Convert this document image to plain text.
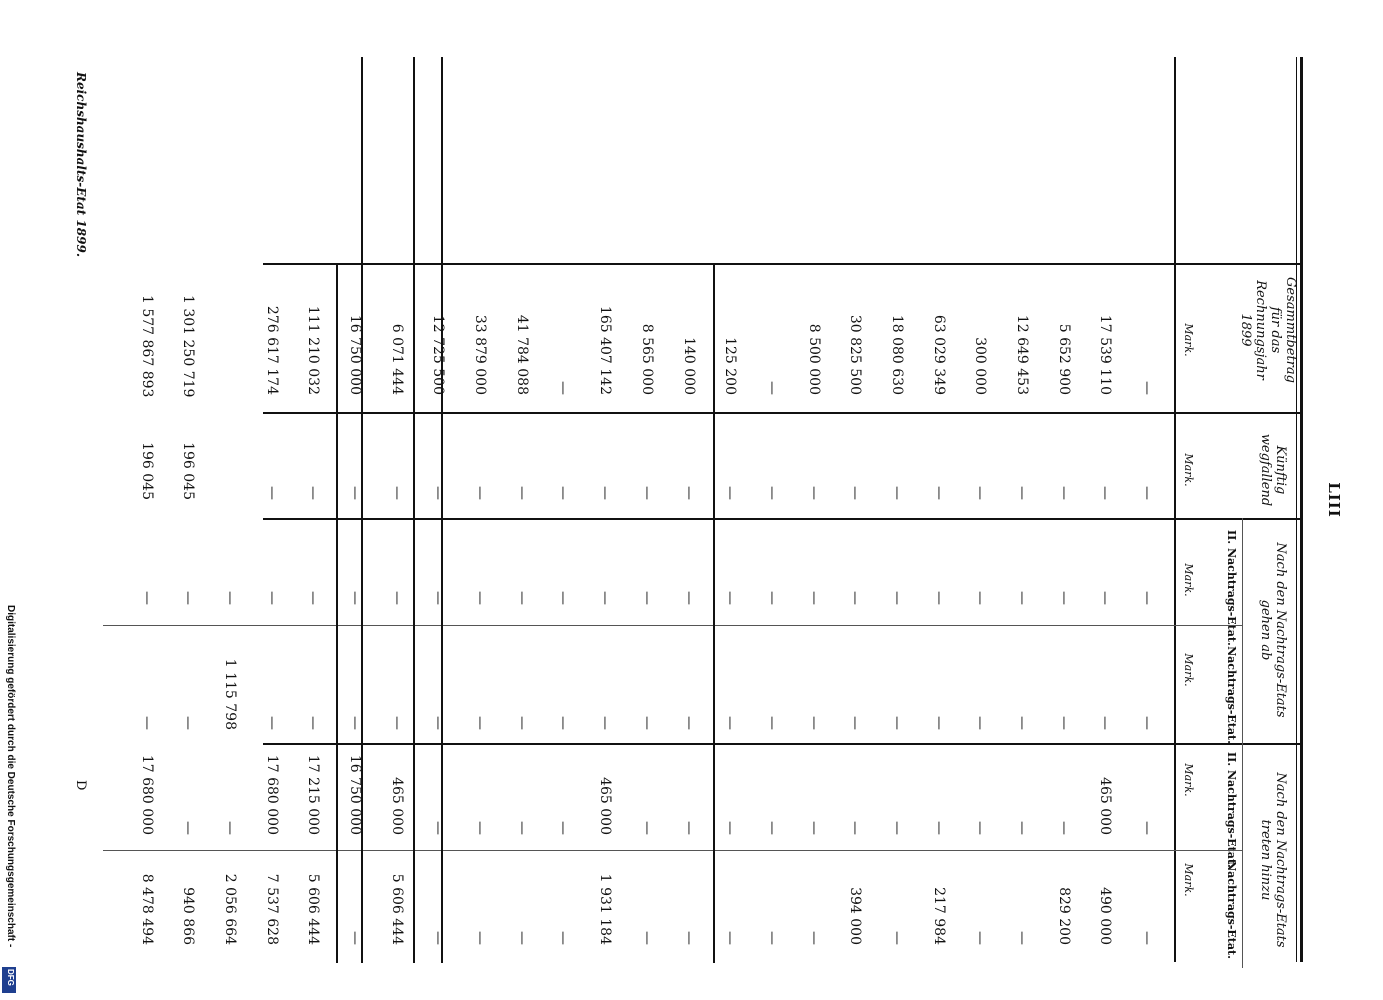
LIII
Nach den Nachtrags-Etats
treten hinzu
Nach den Nachtrags-Etats
gehen ab
Künftig
wegfallend
Gesammtbetrag
für das
Rechnungsjahr
1899
Nachtrags-Etat.
II. Nachtrags-Etat.
Nachtrags-Etat.
II. Nachtrags-Etat.
Mark.
Mark.
Mark.
Mark.
Mark.
Mark.
—
—
—
—
—
—
490 000
465 000
—
—
—
17 539 110
829 200
—
—
—
—
5 652 900
—
—
—
—
—
12 649 453
—
—
—
—
—
300 000
217 984
—
—
—
—
63 029 349
—
—
—
—
—
18 080 630
394 000
—
—
—
—
30 825 500
—
—
—
—
—
8 500 000
—
—
—
—
—
—
—
—
—
—
—
125 200
—
—
—
—
—
140 000
—
—
—
—
—
8 565 000
1 931 184
465 000
—
—
—
165 407 142
—
—
—
—
—
—
—
—
—
—
—
41 784 088
—
—
—
—
—
33 879 000
—
—
—
—
—
12 725 500
5 606 444
465 000
—
—
—
6 071 444
—
16 750 000
—
—
—
16 750 000
5 606 444
17 215 000
—
—
—
111 210 032
7 537 628
17 680 000
—
—
—
276 617 174
2 056 664
—
1 115 798
—
940 866
—
—
—
196 045
1 301 250 719
8 478 494
17 680 000
—
—
196 045
1 577 867 893
D
Reichshaushalts-Etat 1899.
Digitalisierung gefördert durch die Deutsche Forschungsgemeinschaft -
DFG
